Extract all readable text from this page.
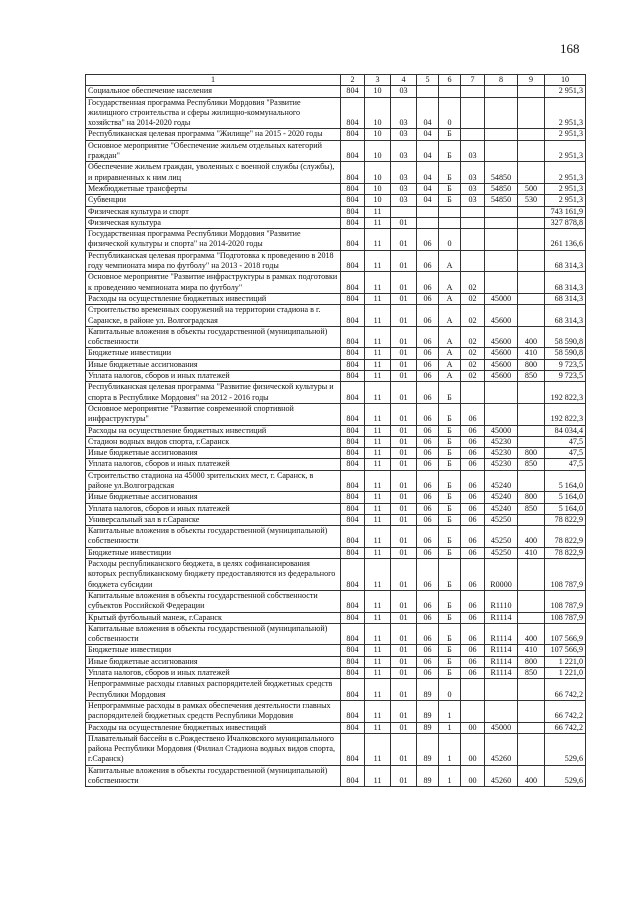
168
1	2	3	4	5	6	7	8	9	10
Социальное обеспечение населения	804	10	03						2 951,3
Государственная программа Республики Мордовия "Развитие жилищного строительства и сферы жилищно-коммунального хозяйства" на 2014-2020 годы	804	10	03	04	0				2 951,3
Республиканская целевая программа "Жилище" на 2015 - 2020 годы	804	10	03	04	Б				2 951,3
Основное мероприятие "Обеспечение жильем отдельных категорий граждан"	804	10	03	04	Б	03			2 951,3
Обеспечение жильем граждан, уволенных с военной службы (службы), и приравненных к ним лиц	804	10	03	04	Б	03	54850		2 951,3
Межбюджетные трансферты	804	10	03	04	Б	03	54850	500	2 951,3
Субвенции	804	10	03	04	Б	03	54850	530	2 951,3
Физическая культура и спорт	804	11							743 161,9
Физическая культура	804	11	01						327 878,8
Государственная программа Республики Мордовия "Развитие физической культуры и спорта" на 2014-2020 годы	804	11	01	06	0				261 136,6
Республиканская целевая программа "Подготовка к проведению в 2018 году чемпионата мира по футболу" на 2013 - 2018 годы	804	11	01	06	А				68 314,3
Основное мероприятие "Развитие инфраструктуры в рамках подготовки к проведению чемпионата мира по футболу"	804	11	01	06	А	02			68 314,3
Расходы на осуществление бюджетных инвестиций	804	11	01	06	А	02	45000		68 314,3
Строительство временных сооружений на территории стадиона в г. Саранске, в районе ул. Волгоградская	804	11	01	06	А	02	45600		68 314,3
Капитальные вложения в объекты государственной (муниципальной) собственности	804	11	01	06	А	02	45600	400	58 590,8
Бюджетные инвестиции	804	11	01	06	А	02	45600	410	58 590,8
Иные бюджетные ассигнования	804	11	01	06	А	02	45600	800	9 723,5
Уплата налогов, сборов и иных платежей	804	11	01	06	А	02	45600	850	9 723,5
Республиканская целевая программа "Развитие физической культуры и спорта в Республике Мордовия" на 2012 - 2016 годы	804	11	01	06	Б				192 822,3
Основное мероприятие "Развитие современной спортивной инфраструктуры"	804	11	01	06	Б	06			192 822,3
Расходы на осуществление бюджетных инвестиций	804	11	01	06	Б	06	45000		84 034,4
Стадион водных видов спорта, г.Саранск	804	11	01	06	Б	06	45230		47,5
Иные бюджетные ассигнования	804	11	01	06	Б	06	45230	800	47,5
Уплата налогов, сборов и иных платежей	804	11	01	06	Б	06	45230	850	47,5
Строительство стадиона на 45000 зрительских мест, г. Саранск, в районе ул.Волгоградская	804	11	01	06	Б	06	45240		5 164,0
Иные бюджетные ассигнования	804	11	01	06	Б	06	45240	800	5 164,0
Уплата налогов, сборов и иных платежей	804	11	01	06	Б	06	45240	850	5 164,0
Универсальный зал в г.Саранске	804	11	01	06	Б	06	45250		78 822,9
Капитальные вложения в объекты государственной (муниципальной) собственности	804	11	01	06	Б	06	45250	400	78 822,9
Бюджетные инвестиции	804	11	01	06	Б	06	45250	410	78 822,9
Расходы республиканского бюджета, в целях софинансирования которых республиканскому бюджету предоставляются из федерального бюджета субсидии	804	11	01	06	Б	06	R0000		108 787,9
Капитальные вложения в объекты государственной собственности субъектов Российской Федерации	804	11	01	06	Б	06	R1110		108 787,9
Крытый футбольный манеж, г.Саранск	804	11	01	06	Б	06	R1114		108 787,9
Капитальные вложения в объекты государственной (муниципальной) собственности	804	11	01	06	Б	06	R1114	400	107 566,9
Бюджетные инвестиции	804	11	01	06	Б	06	R1114	410	107 566,9
Иные бюджетные ассигнования	804	11	01	06	Б	06	R1114	800	1 221,0
Уплата налогов, сборов и иных платежей	804	11	01	06	Б	06	R1114	850	1 221,0
Непрограммные расходы главных распорядителей бюджетных средств Республики Мордовия	804	11	01	89	0				66 742,2
Непрограммные расходы в рамках обеспечения деятельности главных распорядителей бюджетных средств Республики Мордовия	804	11	01	89	1				66 742,2
Расходы на осуществление бюджетных инвестиций	804	11	01	89	1	00	45000		66 742,2
Плавательный бассейн в с.Рождествено Ичалковского муниципального района Республики Мордовия (Филиал Стадиона водных видов спорта, г.Саранск)	804	11	01	89	1	00	45260		529,6
Капитальные вложения в объекты государственной (муниципальной) собственности	804	11	01	89	1	00	45260	400	529,6
